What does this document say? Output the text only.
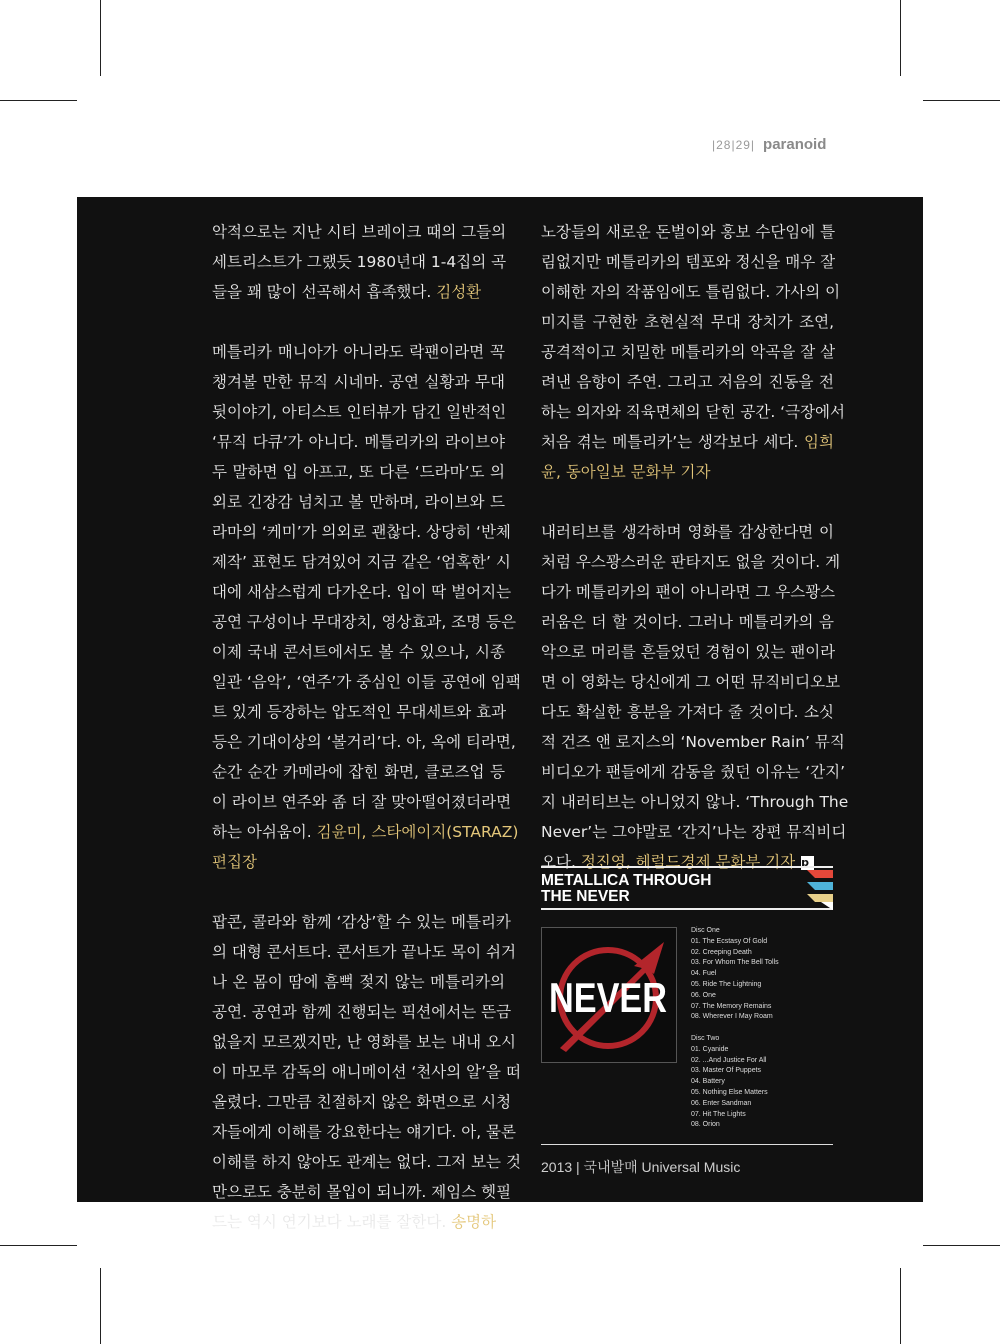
|28|29| paranoid
악적으로는 지난 시티 브레이크 때의 그들의
세트리스트가 그랬듯 1980년대 1-4집의 곡
들을 꽤 많이 선곡해서 흡족했다. 김성환
메틀리카 매니아가 아니라도 락팬이라면 꼭
챙겨볼 만한 뮤직 시네마. 공연 실황과 무대
뒷이야기, 아티스트 인터뷰가 담긴 일반적인
‘뮤직 다큐’가 아니다. 메틀리카의 라이브야
두 말하면 입 아프고, 또 다른 ‘드라마’도 의
외로 긴장감 넘치고 볼 만하며, 라이브와 드
라마의 ‘케미’가 의외로 괜찮다. 상당히 ‘반체
제작’ 표현도 담겨있어 지금 같은 ‘엄혹한’ 시
대에 새삼스럽게 다가온다. 입이 딱 벌어지는
공연 구성이나 무대장치, 영상효과, 조명 등은
이제 국내 콘서트에서도 볼 수 있으나, 시종
일관 ‘음악’, ‘연주’가 중심인 이들 공연에 임팩
트 있게 등장하는 압도적인 무대세트와 효과
등은 기대이상의 ‘볼거리’다. 아, 옥에 티라면,
순간 순간 카메라에 잡힌 화면, 클로즈업 등
이 라이브 연주와 좀 더 잘 맞아떨어졌더라면
하는 아쉬움이. 김윤미, 스타에이지(STARAZ)
편집장
팝콘, 콜라와 함께 ‘감상’할 수 있는 메틀리카
의 대형 콘서트다. 콘서트가 끝나도 목이 쉬거
나 온 몸이 땀에 흠뻑 젖지 않는 메틀리카의
공연. 공연과 함께 진행되는 픽션에서는 뜬금
없을지 모르겠지만, 난 영화를 보는 내내 오시
이 마모루 감독의 애니메이션 ‘천사의 알’을 떠
올렸다. 그만큼 친절하지 않은 화면으로 시청
자들에게 이해를 강요한다는 얘기다. 아, 물론
이해를 하지 않아도 관계는 없다. 그저 보는 것
만으로도 충분히 몰입이 되니까. 제임스 헷필
드는 역시 연기보다 노래를 잘한다. 송명하
노장들의 새로운 돈벌이와 홍보 수단임에 틀
림없지만 메틀리카의 템포와 정신을 매우 잘
이해한 자의 작품임에도 틀림없다. 가사의 이
미지를 구현한 초현실적 무대 장치가 조연,
공격적이고 치밀한 메틀리카의 악곡을 잘 살
려낸 음향이 주연. 그리고 저음의 진동을 전
하는 의자와 직육면체의 닫힌 공간. ‘극장에서
처음 겪는 메틀리카’는 생각보다 세다. 임희
윤, 동아일보 문화부 기자
내러티브를 생각하며 영화를 감상한다면 이
처럼 우스꽝스러운 판타지도 없을 것이다. 게
다가 메틀리카의 팬이 아니라면 그 우스꽝스
러움은 더 할 것이다. 그러나 메틀리카의 음
악으로 머리를 흔들었던 경험이 있는 팬이라
면 이 영화는 당신에게 그 어떤 뮤직비디오보
다도 확실한 흥분을 가져다 줄 것이다. 소싯
적 건즈 앤 로지스의 ‘November Rain’ 뮤직
비디오가 팬들에게 감동을 줬던 이유는 ‘간지’
지 내러티브는 아니었지 않나. ‘Through The
Never’는 그야말로 ‘간지’나는 장편 뮤직비디
오다. 정진영, 헤럴드경제 문화부 기자 p
METALLICA THROUGH
THE NEVER
NEVER
Disc One
01. The Ecstasy Of Gold
02. Creeping Death
03. For Whom The Bell Tolls
04. Fuel
05. Ride The Lightning
06. One
07. The Memory Remains
08. Wherever I May Roam
Disc Two
01. Cyanide
02. ...And Justice For All
03. Master Of Puppets
04. Battery
05. Nothing Else Matters
06. Enter Sandman
07. Hit The Lights
08. Orion
2013 | 국내발매 Universal Music
